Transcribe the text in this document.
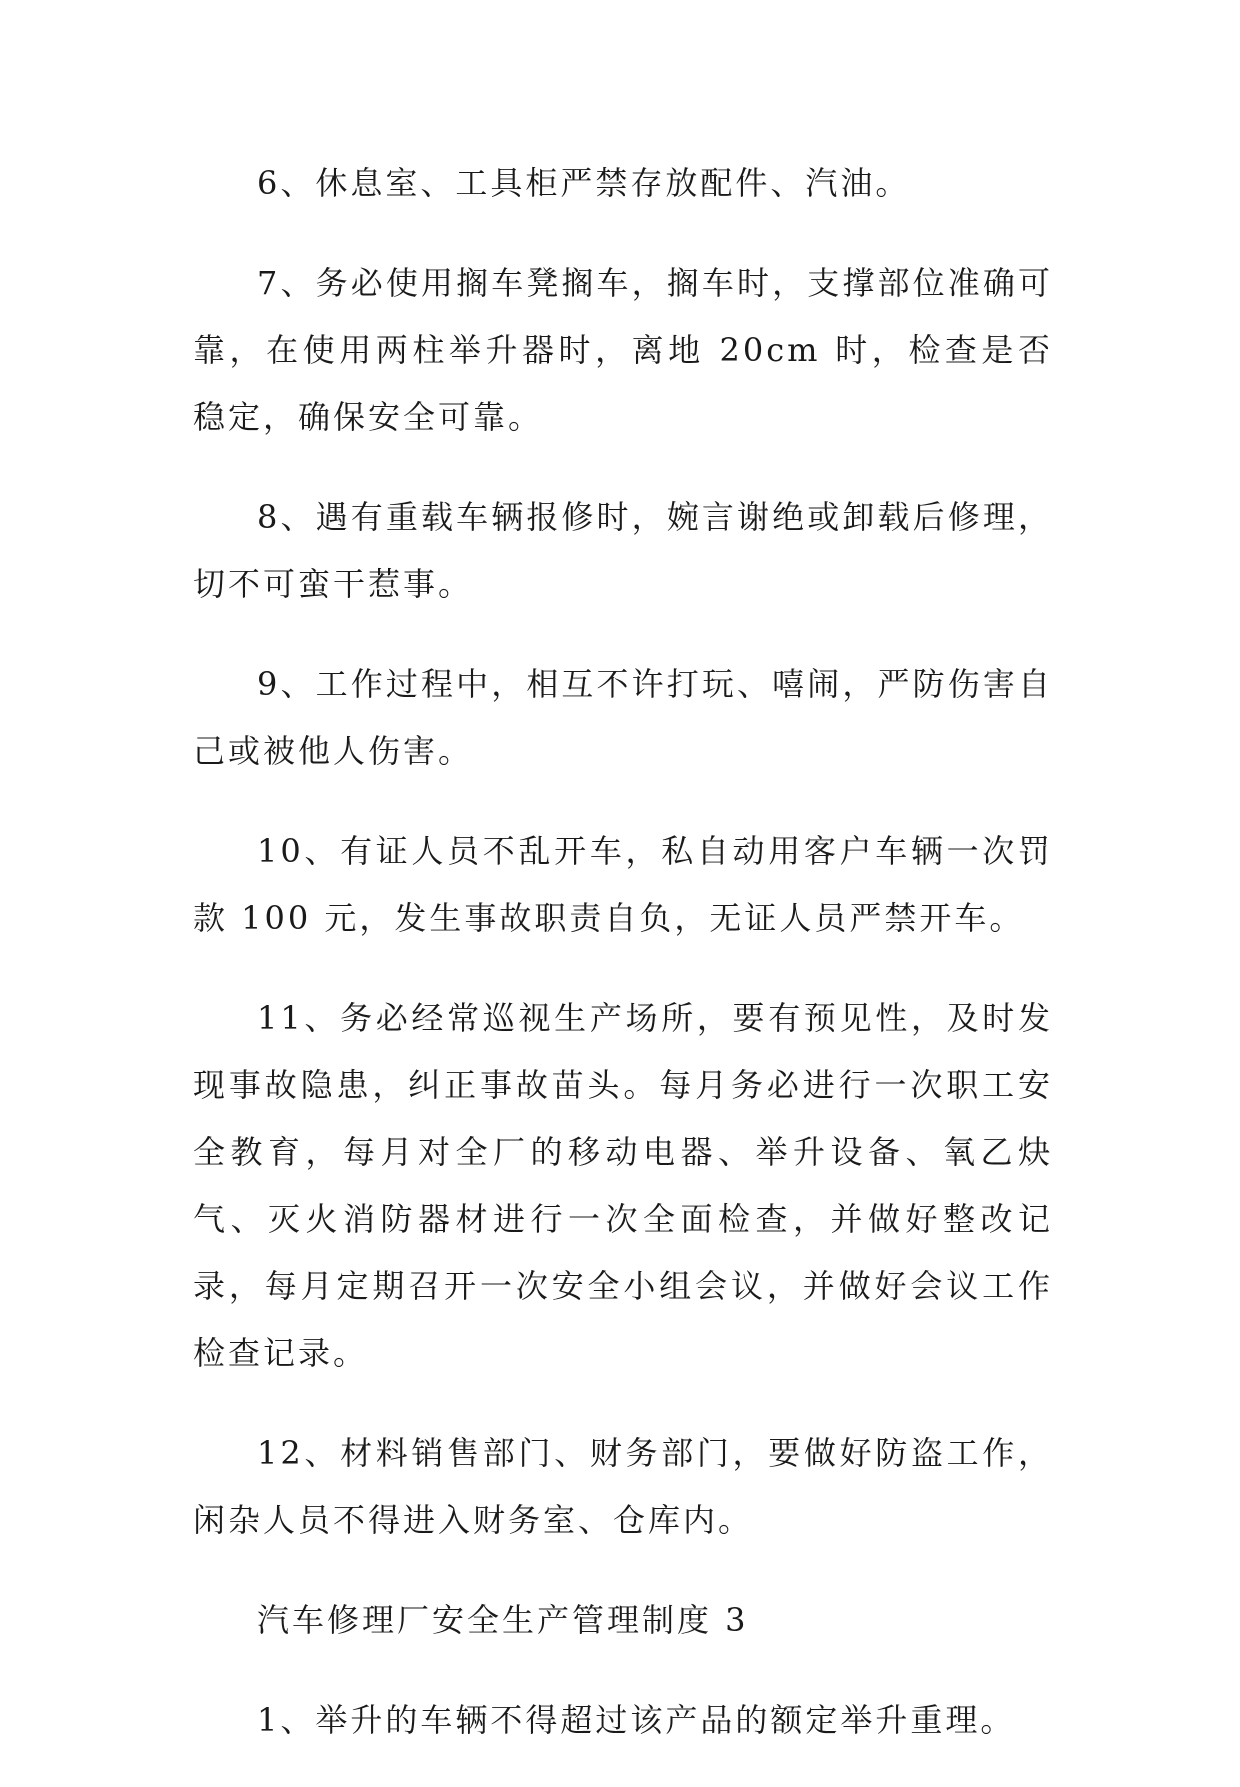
6、休息室、工具柜严禁存放配件、汽油。

7、务必使用搁车凳搁车，搁车时，支撑部位准确可靠，在使用两柱举升器时，离地 20cm 时，检查是否稳定，确保安全可靠。

8、遇有重载车辆报修时，婉言谢绝或卸载后修理，切不可蛮干惹事。

9、工作过程中，相互不许打玩、嘻闹，严防伤害自己或被他人伤害。

10、有证人员不乱开车，私自动用客户车辆一次罚款 100 元，发生事故职责自负，无证人员严禁开车。

11、务必经常巡视生产场所，要有预见性，及时发现事故隐患，纠正事故苗头。每月务必进行一次职工安全教育，每月对全厂的移动电器、举升设备、氧乙炔气、灭火消防器材进行一次全面检查，并做好整改记录，每月定期召开一次安全小组会议，并做好会议工作检查记录。

12、材料销售部门、财务部门，要做好防盗工作，闲杂人员不得进入财务室、仓库内。

汽车修理厂安全生产管理制度 3

1、举升的车辆不得超过该产品的额定举升重理。
